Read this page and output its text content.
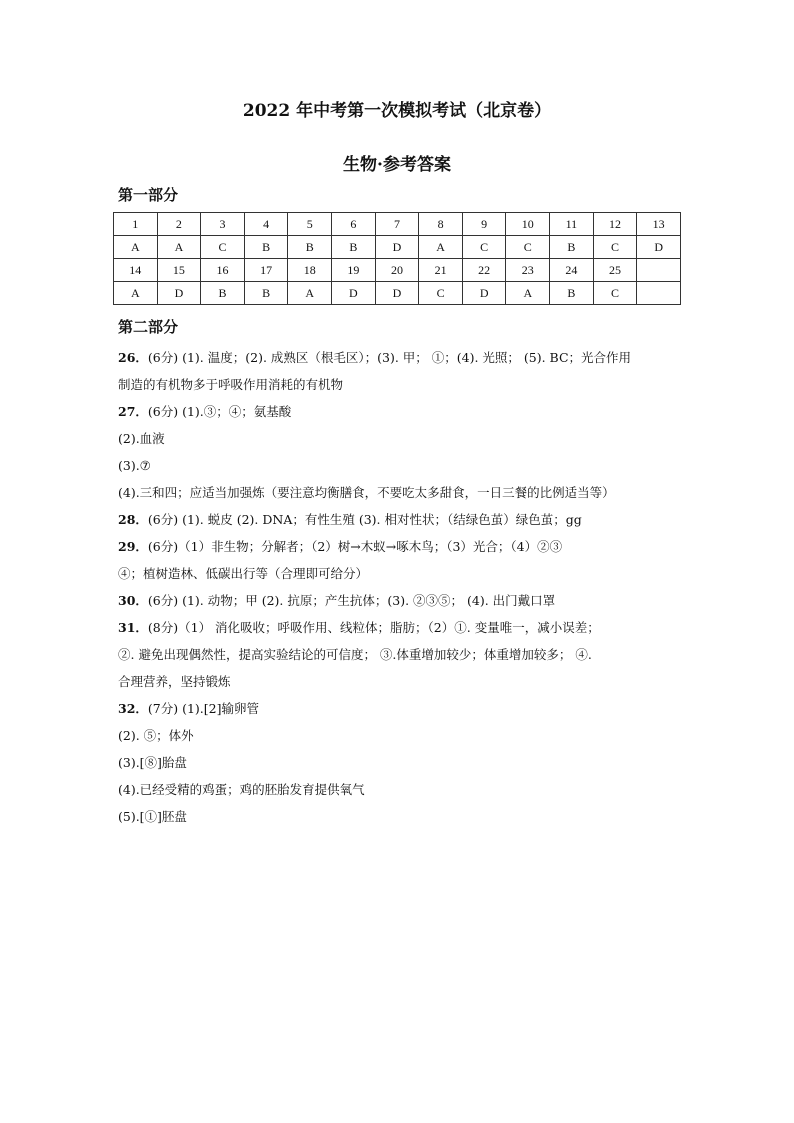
2022 年中考第一次模拟考试（北京卷）
生物·参考答案
第一部分
1	2	3	4	5	6	7	8	9	10	11	12	13
A	A	C	B	B	B	D	A	C	C	B	C	D
14	15	16	17	18	19	20	21	22	23	24	25	
A	D	B	B	A	D	D	C	D	A	B	C	
第二部分
26．(6分) (1). 温度；(2). 成熟区（根毛区）；(3). 甲； ①；(4). 光照； (5). BC；光合作用
制造的有机物多于呼吸作用消耗的有机物
27．(6分) (1).③；④；氨基酸
(2).血液
(3).⑦
(4).三和四；应适当加强炼（要注意均衡膳食，不要吃太多甜食，一日三餐的比例适当等）
28．(6分) (1). 蜕皮 (2). DNA；有性生殖 (3). 相对性状；（结绿色茧）绿色茧；gg
29．(6分)（1）非生物；分解者；（2）树→木蚁→啄木鸟；（3）光合；（4）②③
④；植树造林、低碳出行等（合理即可给分）
30．(6分) (1). 动物；甲 (2). 抗原；产生抗体；(3). ②③⑤； (4). 出门戴口罩
31．(8分)（1） 消化吸收；呼吸作用、线粒体；脂肪；（2）①. 变量唯一，减小误差；
②. 避免出现偶然性，提高实验结论的可信度； ③.体重增加较少；体重增加较多； ④.
合理营养，坚持锻炼
32．(7分) (1).[2]输卵管
(2). ⑤；体外
(3).[⑧]胎盘
(4).已经受精的鸡蛋；鸡的胚胎发育提供氧气
(5).[①]胚盘
